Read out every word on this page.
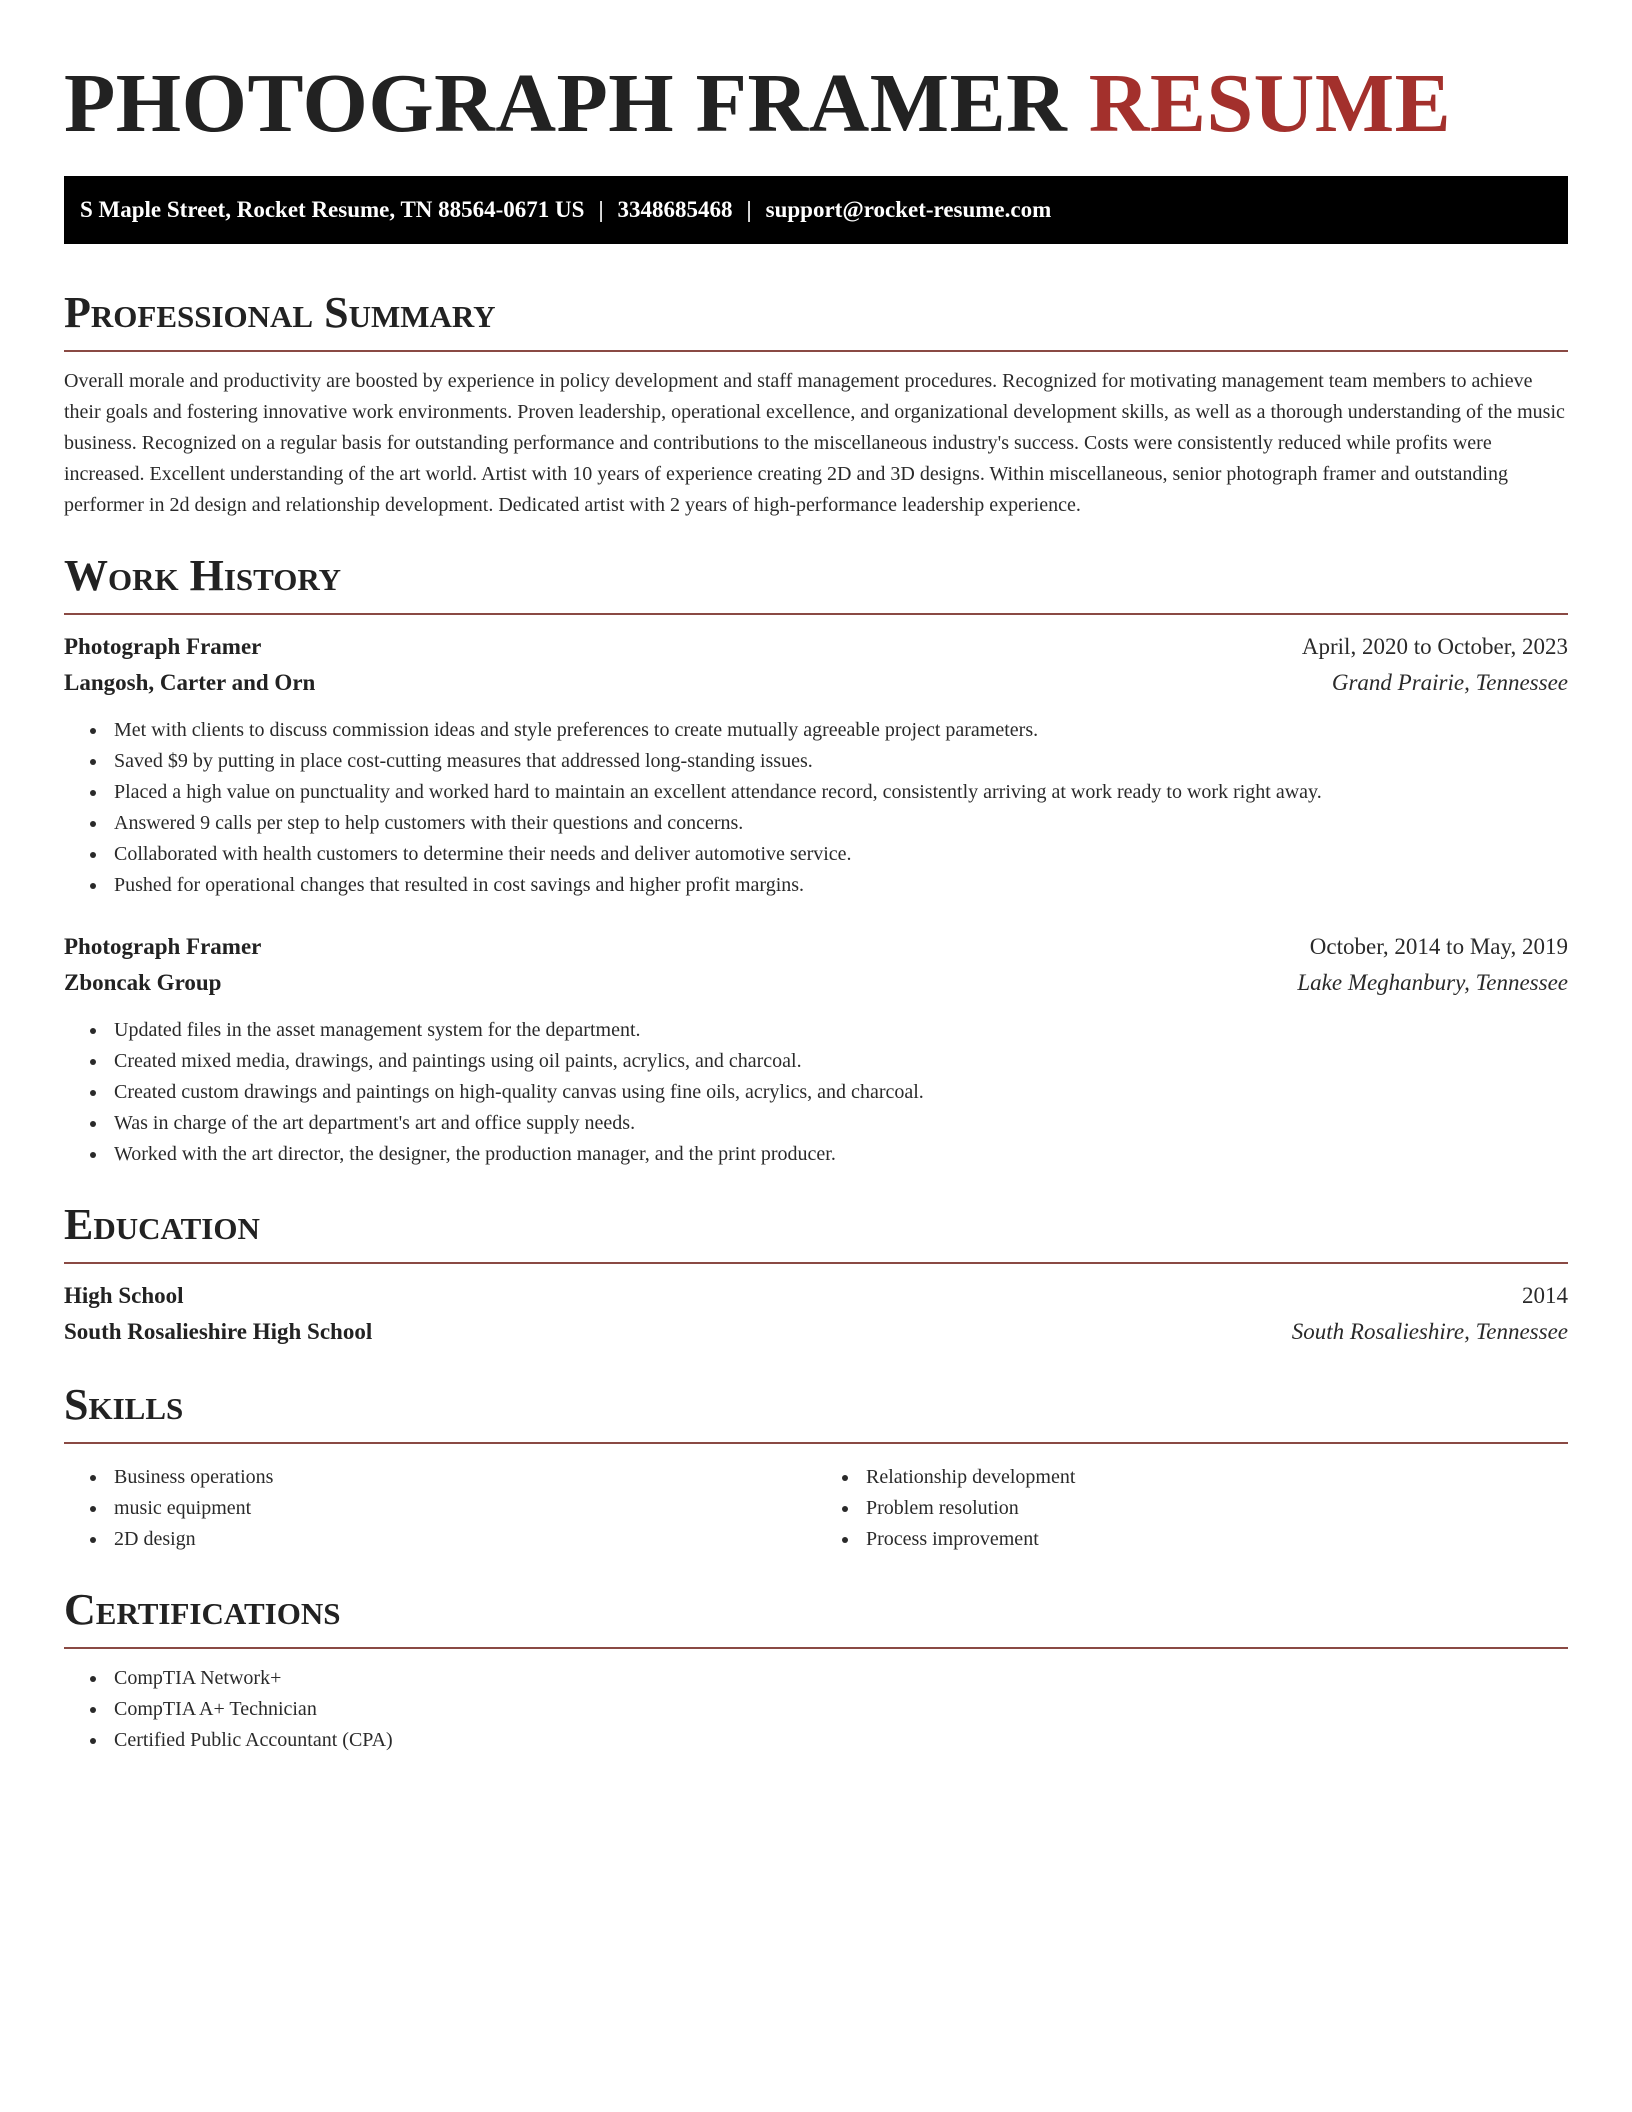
PHOTOGRAPH FRAMER RESUME
S Maple Street, Rocket Resume, TN 88564-0671 US | 3348685468 | support@rocket-resume.com
Professional Summary

Overall morale and productivity are boosted by experience in policy development and staff management procedures. Recognized for motivating management team members to achieve their goals and fostering innovative work environments. Proven leadership, operational excellence, and organizational development skills, as well as a thorough understanding of the music business. Recognized on a regular basis for outstanding performance and contributions to the miscellaneous industry's success. Costs were consistently reduced while profits were increased. Excellent understanding of the art world. Artist with 10 years of experience creating 2D and 3D designs. Within miscellaneous, senior photograph framer and outstanding performer in 2d design and relationship development. Dedicated artist with 2 years of high-performance leadership experience.

Work History
Photograph Framer	April, 2020 to October, 2023
Langosh, Carter and Orn	Grand Prairie, Tennessee
• Met with clients to discuss commission ideas and style preferences to create mutually agreeable project parameters.
• Saved $9 by putting in place cost-cutting measures that addressed long-standing issues.
• Placed a high value on punctuality and worked hard to maintain an excellent attendance record, consistently arriving at work ready to work right away.
• Answered 9 calls per step to help customers with their questions and concerns.
• Collaborated with health customers to determine their needs and deliver automotive service.
• Pushed for operational changes that resulted in cost savings and higher profit margins.
Photograph Framer	October, 2014 to May, 2019
Zboncak Group	Lake Meghanbury, Tennessee
• Updated files in the asset management system for the department.
• Created mixed media, drawings, and paintings using oil paints, acrylics, and charcoal.
• Created custom drawings and paintings on high-quality canvas using fine oils, acrylics, and charcoal.
• Was in charge of the art department's art and office supply needs.
• Worked with the art director, the designer, the production manager, and the print producer.
Education
High School	2014
South Rosalieshire High School	South Rosalieshire, Tennessee
Skills
• Business operations
• music equipment
• 2D design
• Relationship development
• Problem resolution
• Process improvement
Certifications
• CompTIA Network+
• CompTIA A+ Technician
• Certified Public Accountant (CPA)
